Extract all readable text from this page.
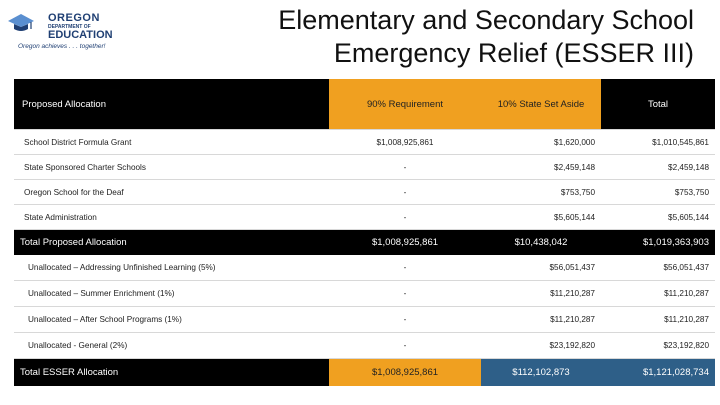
OREGON
DEPARTMENT OF
EDUCATION
Oregon achieves . . . together!
Elementary and Secondary School
Emergency Relief (ESSER III)
Proposed Allocation	90% Requirement	10% State Set Aside	Total
School District Formula Grant	$1,008,925,861	$1,620,000	$1,010,545,861
State Sponsored Charter Schools	-	$2,459,148	$2,459,148
Oregon School for the Deaf	-	$753,750	$753,750
State Administration	-	$5,605,144	$5,605,144
Total Proposed Allocation	$1,008,925,861	$10,438,042	$1,019,363,903
Unallocated – Addressing Unfinished Learning (5%)	-	$56,051,437	$56,051,437
Unallocated – Summer Enrichment (1%)	-	$11,210,287	$11,210,287
Unallocated – After School Programs (1%)	-	$11,210,287	$11,210,287
Unallocated - General (2%)	-	$23,192,820	$23,192,820
Total ESSER Allocation	$1,008,925,861	$112,102,873	$1,121,028,734
